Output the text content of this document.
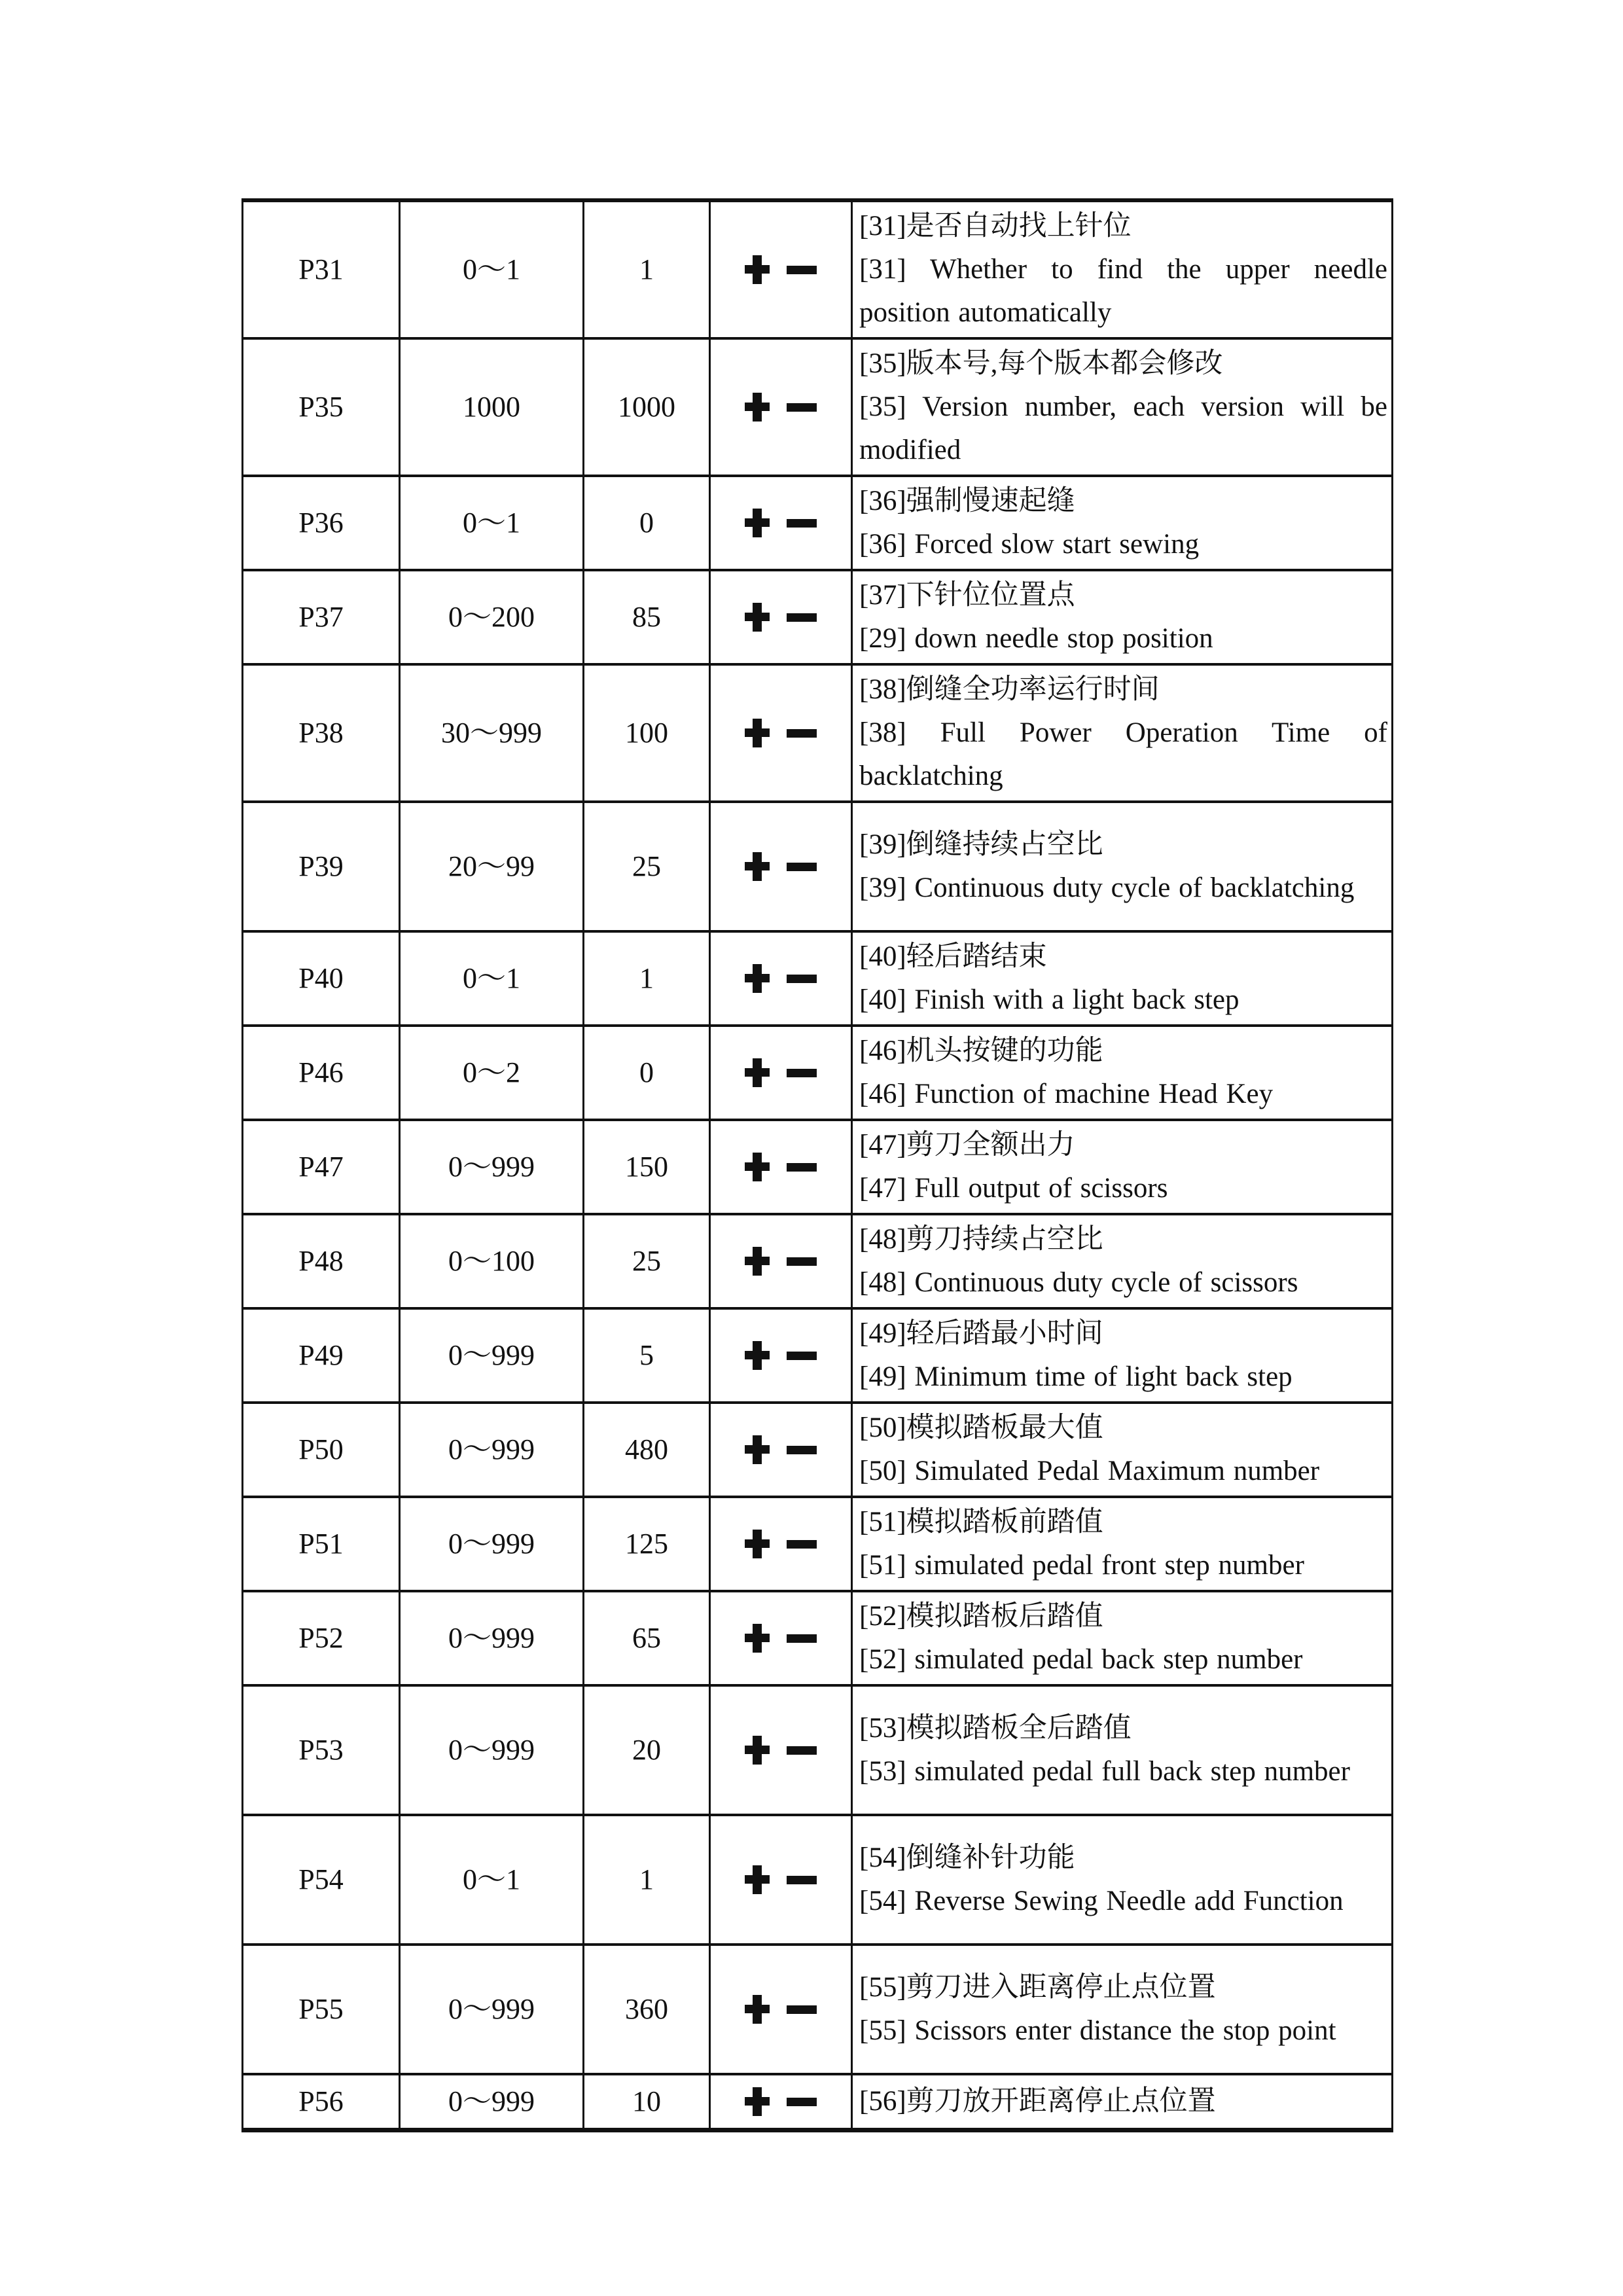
P31	0～1	1
[31]是否自动找上针位
[31] Whether to find the upper needle position automatically
P35	1000	1000
[35]版本号,每个版本都会修改
[35] Version number, each version will be modified
P36	0～1	0
[36]强制慢速起缝
[36] Forced slow start sewing
P37	0～200	85
[37]下针位位置点
[29] down needle stop position
P38	30～999	100
[38]倒缝全功率运行时间
[38] Full Power Operation Time of backlatching
P39	20～99	25
[39]倒缝持续占空比
[39] Continuous duty cycle of backlatching
P40	0～1	1
[40]轻后踏结束
[40] Finish with a light back step
P46	0～2	0
[46]机头按键的功能
[46] Function of machine Head Key
P47	0～999	150
[47]剪刀全额出力
[47] Full output of scissors
P48	0～100	25
[48]剪刀持续占空比
[48] Continuous duty cycle of scissors
P49	0～999	5
[49]轻后踏最小时间
[49] Minimum time of light back step
P50	0～999	480
[50]模拟踏板最大值
[50] Simulated Pedal Maximum number
P51	0～999	125
[51]模拟踏板前踏值
[51] simulated pedal front step number
P52	0～999	65
[52]模拟踏板后踏值
[52] simulated pedal back step number
P53	0～999	20
[53]模拟踏板全后踏值
[53] simulated pedal full back step number
P54	0～1	1
[54]倒缝补针功能
[54] Reverse Sewing Needle add Function
P55	0～999	360
[55]剪刀进入距离停止点位置
[55] Scissors enter distance the stop point
P56	0～999	10	[56]剪刀放开距离停止点位置
